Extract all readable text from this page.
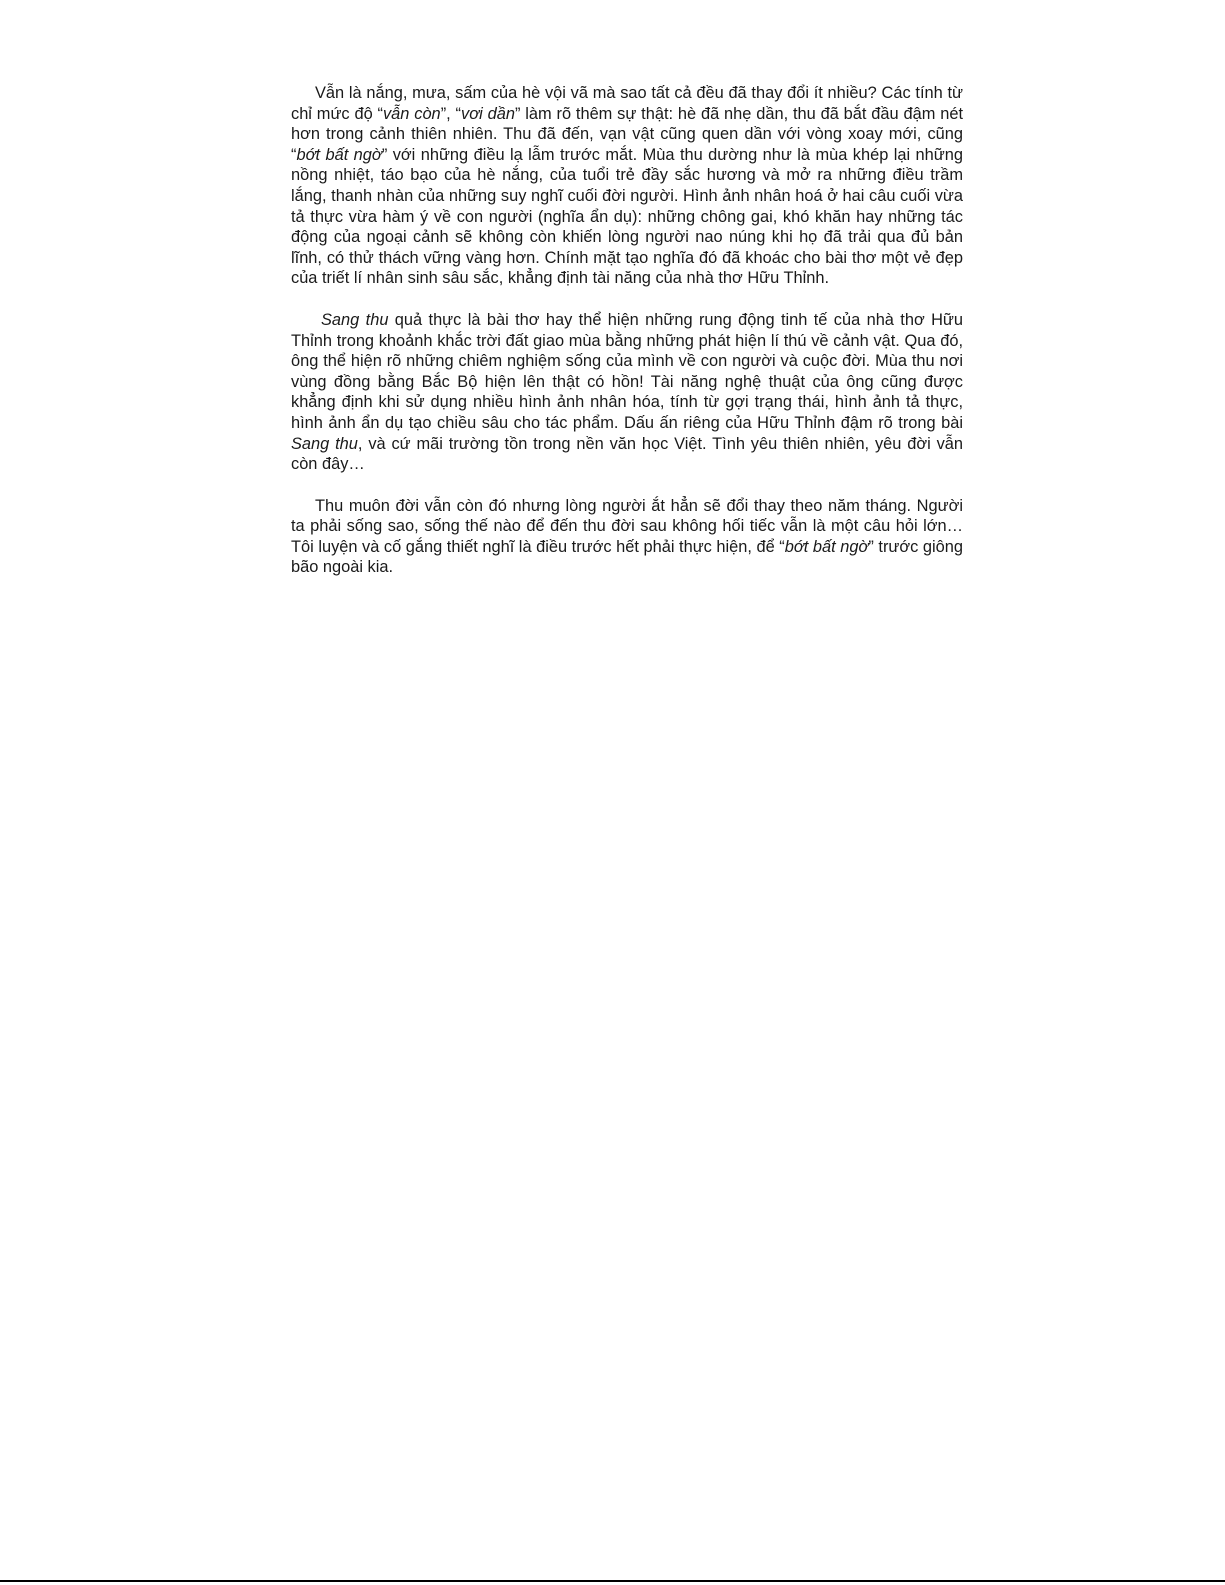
Vẫn là nắng, mưa, sấm của hè vội vã mà sao tất cả đều đã thay đổi ít nhiều? Các tính từ chỉ mức độ “vẫn còn”, “vơi dần” làm rõ thêm sự thật: hè đã nhẹ dần, thu đã bắt đầu đậm nét hơn trong cảnh thiên nhiên. Thu đã đến, vạn vật cũng quen dần với vòng xoay mới, cũng “bớt bất ngờ” với những điều lạ lẫm trước mắt. Mùa thu dường như là mùa khép lại những nồng nhiệt, táo bạo của hè nắng, của tuổi trẻ đầy sắc hương và mở ra những điều trầm lắng, thanh nhàn của những suy nghĩ cuối đời người. Hình ảnh nhân hoá ở hai câu cuối vừa tả thực vừa hàm ý về con người (nghĩa ẩn dụ): những chông gai, khó khăn hay những tác động của ngoại cảnh sẽ không còn khiến lòng người nao núng khi họ đã trải qua đủ bản lĩnh, có thử thách vững vàng hơn. Chính mặt tạo nghĩa đó đã khoác cho bài thơ một vẻ đẹp của triết lí nhân sinh sâu sắc, khẳng định tài năng của nhà thơ Hữu Thỉnh.

Sang thu quả thực là bài thơ hay thể hiện những rung động tinh tế của nhà thơ Hữu Thỉnh trong khoảnh khắc trời đất giao mùa bằng những phát hiện lí thú về cảnh vật. Qua đó, ông thể hiện rõ những chiêm nghiệm sống của mình về con người và cuộc đời. Mùa thu nơi vùng đồng bằng Bắc Bộ hiện lên thật có hồn! Tài năng nghệ thuật của ông cũng được khẳng định khi sử dụng nhiều hình ảnh nhân hóa, tính từ gợi trạng thái, hình ảnh tả thực, hình ảnh ẩn dụ tạo chiều sâu cho tác phẩm. Dấu ấn riêng của Hữu Thỉnh đậm rõ trong bài Sang thu, và cứ mãi trường tồn trong nền văn học Việt. Tình yêu thiên nhiên, yêu đời vẫn còn đây…

Thu muôn đời vẫn còn đó nhưng lòng người ắt hẳn sẽ đổi thay theo năm tháng. Người ta phải sống sao, sống thế nào để đến thu đời sau không hối tiếc vẫn là một câu hỏi lớn… Tôi luyện và cố gắng thiết nghĩ là điều trước hết phải thực hiện, để “bớt bất ngờ” trước giông bão ngoài kia.
